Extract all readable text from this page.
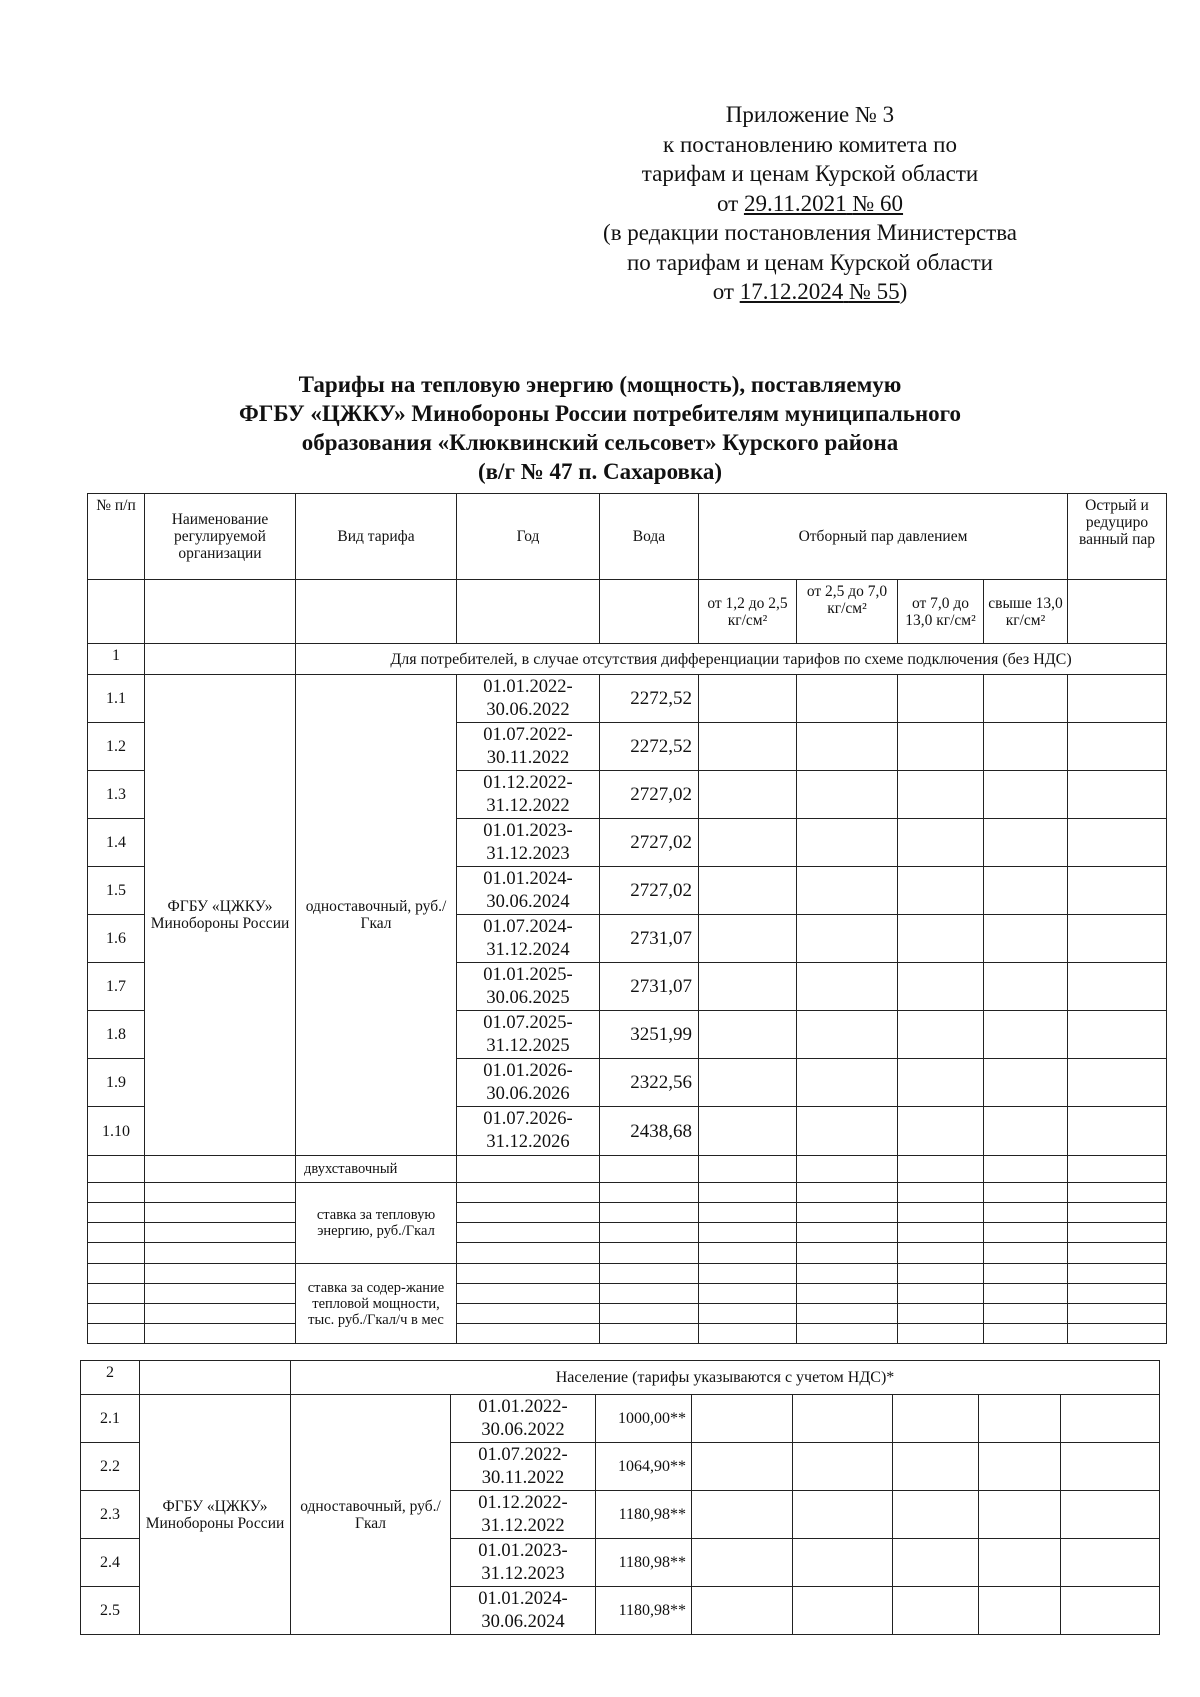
Приложение № 3
к постановлению комитета по
тарифам и ценам Курской области
от 29.11.2021 № 60
(в редакции постановления Министерства
по тарифам и ценам Курской области
от 17.12.2024 № 55)
Тарифы на тепловую энергию (мощность), поставляемую
ФГБУ «ЦЖКУ» Минобороны России потребителям муниципального
образования «Клюквинский сельсовет» Курского района
(в/г № 47 п. Сахаровка)
№ п/п	Наименование регулируемой организации	Вид тарифа	Год	Вода	Отборный пар давлением				Острый и редуциро ванный пар
					от 1,2 до 2,5 кг/см²	от 2,5 до 7,0 кг/см²	от 7,0 до 13,0 кг/см²	свыше 13,0 кг/см²	
1		Для потребителей, в случае отсутствия дифференциации тарифов по схеме подключения (без НДС)							
1.1	ФГБУ «ЦЖКУ» Минобороны России	одноставочный, руб./Гкал	01.01.2022-30.06.2022	2272,52					
1.2			01.07.2022-30.11.2022	2272,52					
1.3			01.12.2022-31.12.2022	2727,02					
1.4			01.01.2023-31.12.2023	2727,02					
1.5			01.01.2024-30.06.2024	2727,02					
1.6			01.07.2024-31.12.2024	2731,07					
1.7			01.01.2025-30.06.2025	2731,07					
1.8			01.07.2025-31.12.2025	3251,99					
1.9			01.01.2026-30.06.2026	2322,56					
1.10			01.07.2026-31.12.2026	2438,68					
		двухставочный							
		ставка за тепловую энергию, руб./Гкал							

		ставка за содер-жание тепловой мощности, тыс. руб./Гкал/ч в мес							

2		Население (тарифы указываются с учетом НДС)*							
2.1	ФГБУ «ЦЖКУ» Минобороны России	одноставочный, руб./Гкал	01.01.2022-30.06.2022	1000,00**					
2.2			01.07.2022-30.11.2022	1064,90**					
2.3			01.12.2022-31.12.2022	1180,98**					
2.4			01.01.2023-31.12.2023	1180,98**					
2.5			01.01.2024-30.06.2024	1180,98**					
